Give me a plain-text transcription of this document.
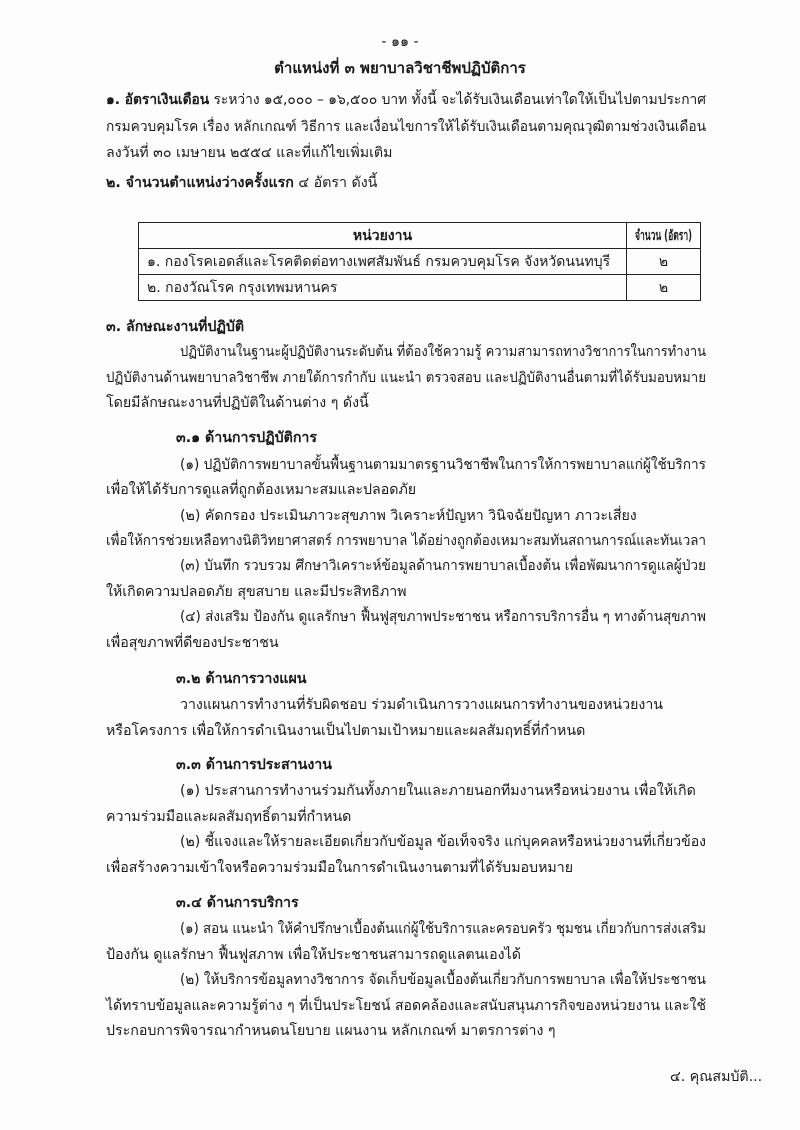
- ๑๑ -
ตำแหน่งที่ ๓ พยาบาลวิชาชีพปฏิบัติการ
๑. อัตราเงินเดือน ระหว่าง ๑๕,๐๐๐ – ๑๖,๕๐๐ บาท ทั้งนี้ จะได้รับเงินเดือนเท่าใดให้เป็นไปตามประกาศ
กรมควบคุมโรค เรื่อง หลักเกณฑ์ วิธีการ และเงื่อนไขการให้ได้รับเงินเดือนตามคุณวุฒิตามช่วงเงินเดือน
ลงวันที่ ๓๐ เมษายน ๒๕๕๔ และที่แก้ไขเพิ่มเติม
๒. จำนวนตำแหน่งว่างครั้งแรก ๔ อัตรา ดังนี้
หน่วยงาน	จำนวน (อัตรา)
๑. กองโรคเอดส์และโรคติดต่อทางเพศสัมพันธ์ กรมควบคุมโรค จังหวัดนนทบุรี	๒
๒. กองวัณโรค กรุงเทพมหานคร	๒
๓. ลักษณะงานที่ปฏิบัติ
ปฏิบัติงานในฐานะผู้ปฏิบัติงานระดับต้น ที่ต้องใช้ความรู้ ความสามารถทางวิชาการในการทำงาน
ปฏิบัติงานด้านพยาบาลวิชาชีพ ภายใต้การกำกับ แนะนำ ตรวจสอบ และปฏิบัติงานอื่นตามที่ได้รับมอบหมาย
โดยมีลักษณะงานที่ปฏิบัติในด้านต่าง ๆ ดังนี้
๓.๑ ด้านการปฏิบัติการ
(๑) ปฏิบัติการพยาบาลขั้นพื้นฐานตามมาตรฐานวิชาชีพในการให้การพยาบาลแก่ผู้ใช้บริการ
เพื่อให้ได้รับการดูแลที่ถูกต้องเหมาะสมและปลอดภัย
(๒) คัดกรอง ประเมินภาวะสุขภาพ วิเคราะห์ปัญหา วินิจฉัยปัญหา ภาวะเสี่ยง
เพื่อให้การช่วยเหลือทางนิติวิทยาศาสตร์ การพยาบาล ได้อย่างถูกต้องเหมาะสมทันสถานการณ์และทันเวลา
(๓) บันทึก รวบรวม ศึกษาวิเคราะห์ข้อมูลด้านการพยาบาลเบื้องต้น เพื่อพัฒนาการดูแลผู้ป่วย
ให้เกิดความปลอดภัย สุขสบาย และมีประสิทธิภาพ
(๔) ส่งเสริม ป้องกัน ดูแลรักษา ฟื้นฟูสุขภาพประชาชน หรือการบริการอื่น ๆ ทางด้านสุขภาพ
เพื่อสุขภาพที่ดีของประชาชน
๓.๒ ด้านการวางแผน
วางแผนการทำงานที่รับผิดชอบ ร่วมดำเนินการวางแผนการทำงานของหน่วยงาน
หรือโครงการ เพื่อให้การดำเนินงานเป็นไปตามเป้าหมายและผลสัมฤทธิ์ที่กำหนด
๓.๓ ด้านการประสานงาน
(๑) ประสานการทำงานร่วมกันทั้งภายในและภายนอกทีมงานหรือหน่วยงาน เพื่อให้เกิด
ความร่วมมือและผลสัมฤทธิ์ตามที่กำหนด
(๒) ชี้แจงและให้รายละเอียดเกี่ยวกับข้อมูล ข้อเท็จจริง แก่บุคคลหรือหน่วยงานที่เกี่ยวข้อง
เพื่อสร้างความเข้าใจหรือความร่วมมือในการดำเนินงานตามที่ได้รับมอบหมาย
๓.๔ ด้านการบริการ
(๑) สอน แนะนำ ให้คำปรึกษาเบื้องต้นแก่ผู้ใช้บริการและครอบครัว ชุมชน เกี่ยวกับการส่งเสริม
ป้องกัน ดูแลรักษา ฟื้นฟูสภาพ เพื่อให้ประชาชนสามารถดูแลตนเองได้
(๒) ให้บริการข้อมูลทางวิชาการ จัดเก็บข้อมูลเบื้องต้นเกี่ยวกับการพยาบาล เพื่อให้ประชาชน
ได้ทราบข้อมูลและความรู้ต่าง ๆ ที่เป็นประโยชน์ สอดคล้องและสนับสนุนภารกิจของหน่วยงาน และใช้
ประกอบการพิจารณากำหนดนโยบาย แผนงาน หลักเกณฑ์ มาตรการต่าง ๆ
๔. คุณสมบัติ...
